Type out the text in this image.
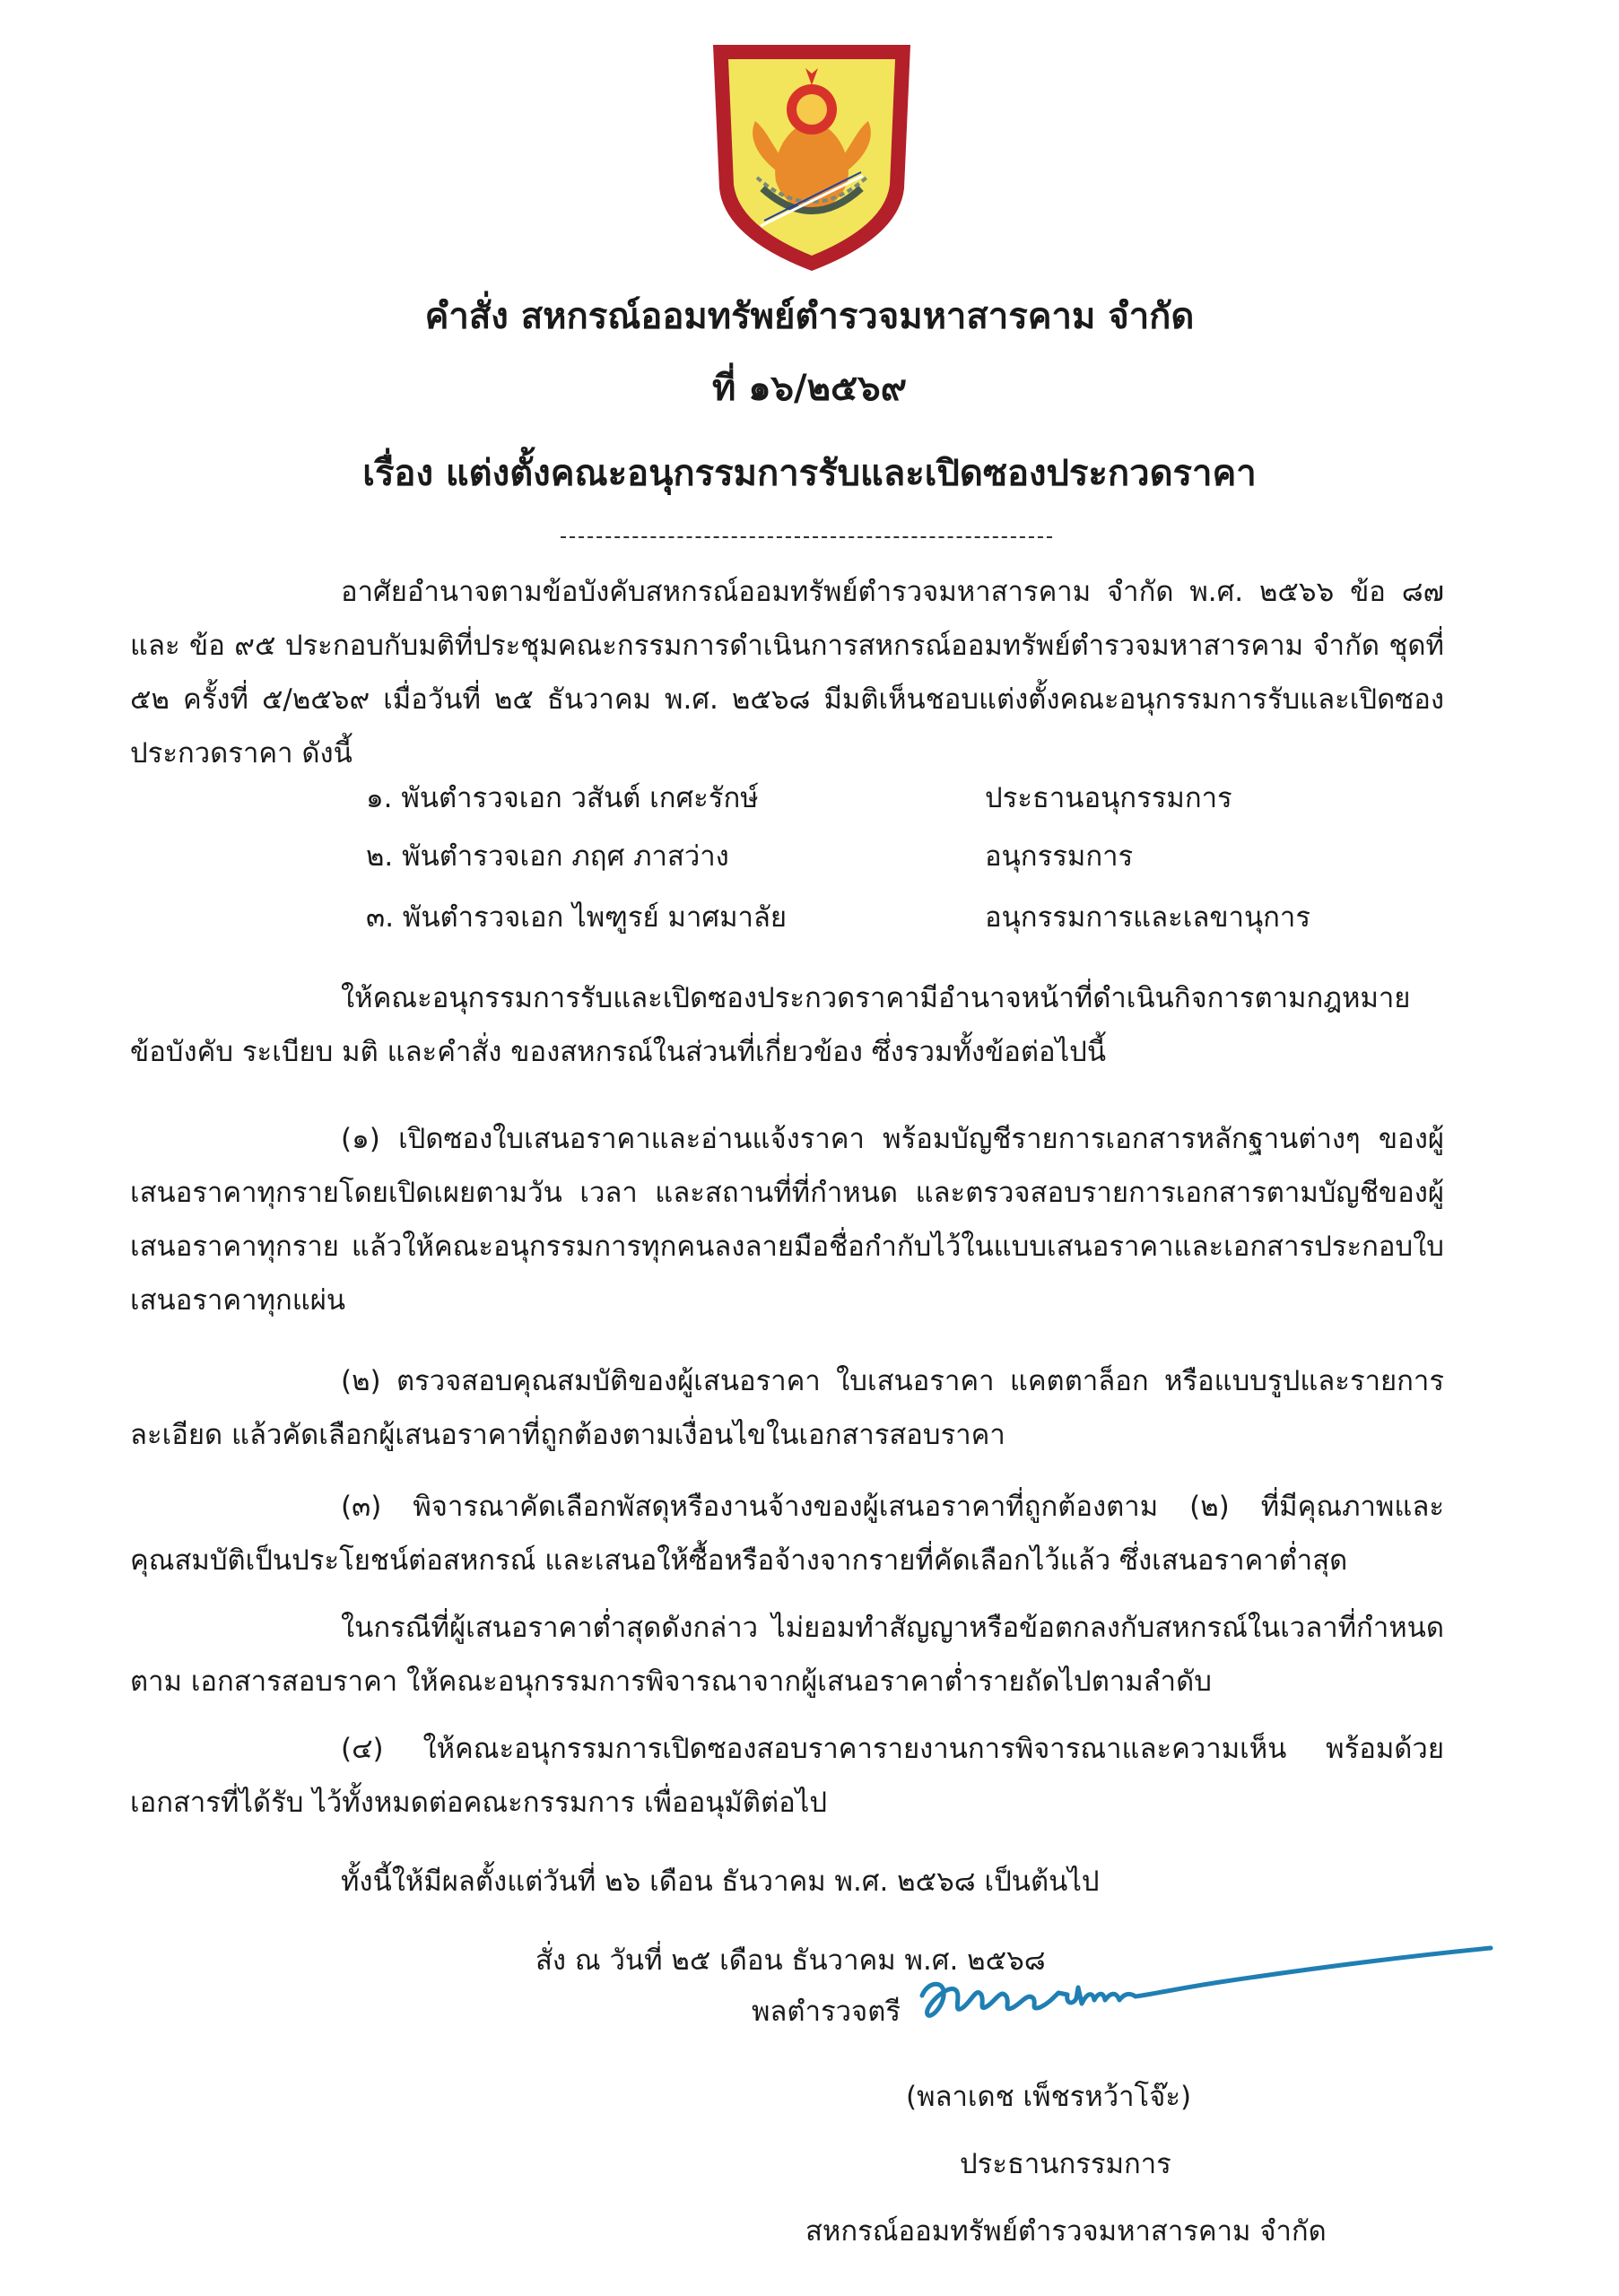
คำสั่ง สหกรณ์ออมทรัพย์ตำรวจมหาสารคาม จำกัด
ที่ ๑๖/๒๕๖๙
เรื่อง แต่งตั้งคณะอนุกรรมการรับและเปิดซองประกวดราคา
อาศัยอำนาจตามข้อบังคับสหกรณ์ออมทรัพย์ตำรวจมหาสารคาม จำกัด พ.ศ. ๒๕๖๖ ข้อ ๘๗ และ ข้อ ๙๕ ประกอบกับมติที่ประชุมคณะกรรมการดำเนินการสหกรณ์ออมทรัพย์ตำรวจมหาสารคาม จำกัด ชุดที่ ๕๒ ครั้งที่ ๕/๒๕๖๙ เมื่อวันที่ ๒๕ ธันวาคม พ.ศ. ๒๕๖๘ มีมติเห็นชอบแต่งตั้งคณะอนุกรรมการรับและเปิดซองประกวดราคา ดังนี้
๑. พันตำรวจเอก วสันต์ เกศะรักษ์	ประธานอนุกรรมการ
๒. พันตำรวจเอก ภฤศ ภาสว่าง	อนุกรรมการ
๓. พันตำรวจเอก ไพฑูรย์ มาศมาลัย	อนุกรรมการและเลขานุการ
ให้คณะอนุกรรมการรับและเปิดซองประกวดราคามีอำนาจหน้าที่ดำเนินกิจการตามกฎหมาย ข้อบังคับ ระเบียบ มติ และคำสั่ง ของสหกรณ์ในส่วนที่เกี่ยวข้อง ซึ่งรวมทั้งข้อต่อไปนี้
(๑) เปิดซองใบเสนอราคาและอ่านแจ้งราคา พร้อมบัญชีรายการเอกสารหลักฐานต่างๆ ของผู้เสนอราคาทุกรายโดยเปิดเผยตามวัน เวลา และสถานที่ที่กำหนด และตรวจสอบรายการเอกสารตามบัญชีของผู้เสนอราคาทุกราย แล้วให้คณะอนุกรรมการทุกคนลงลายมือชื่อกำกับไว้ในแบบเสนอราคาและเอกสารประกอบใบเสนอราคาทุกแผ่น
(๒) ตรวจสอบคุณสมบัติของผู้เสนอราคา ใบเสนอราคา แคตตาล็อก หรือแบบรูปและรายการละเอียด แล้วคัดเลือกผู้เสนอราคาที่ถูกต้องตามเงื่อนไขในเอกสารสอบราคา
(๓) พิจารณาคัดเลือกพัสดุหรืองานจ้างของผู้เสนอราคาที่ถูกต้องตาม (๒) ที่มีคุณภาพและคุณสมบัติเป็นประโยชน์ต่อสหกรณ์ และเสนอให้ซื้อหรือจ้างจากรายที่คัดเลือกไว้แล้ว ซึ่งเสนอราคาต่ำสุด
ในกรณีที่ผู้เสนอราคาต่ำสุดดังกล่าว ไม่ยอมทำสัญญาหรือข้อตกลงกับสหกรณ์ในเวลาที่กำหนดตาม เอกสารสอบราคา ให้คณะอนุกรรมการพิจารณาจากผู้เสนอราคาต่ำรายถัดไปตามลำดับ
(๔) ให้คณะอนุกรรมการเปิดซองสอบราคารายงานการพิจารณาและความเห็น พร้อมด้วยเอกสารที่ได้รับ ไว้ทั้งหมดต่อคณะกรรมการ เพื่ออนุมัติต่อไป
ทั้งนี้ให้มีผลตั้งแต่วันที่ ๒๖ เดือน ธันวาคม พ.ศ. ๒๕๖๘ เป็นต้นไป
สั่ง ณ วันที่ ๒๕ เดือน ธันวาคม พ.ศ. ๒๕๖๘
พลตำรวจตรี
(พลาเดช เพ็ชรหว้าโจ๊ะ)
ประธานกรรมการ
สหกรณ์ออมทรัพย์ตำรวจมหาสารคาม จำกัด
